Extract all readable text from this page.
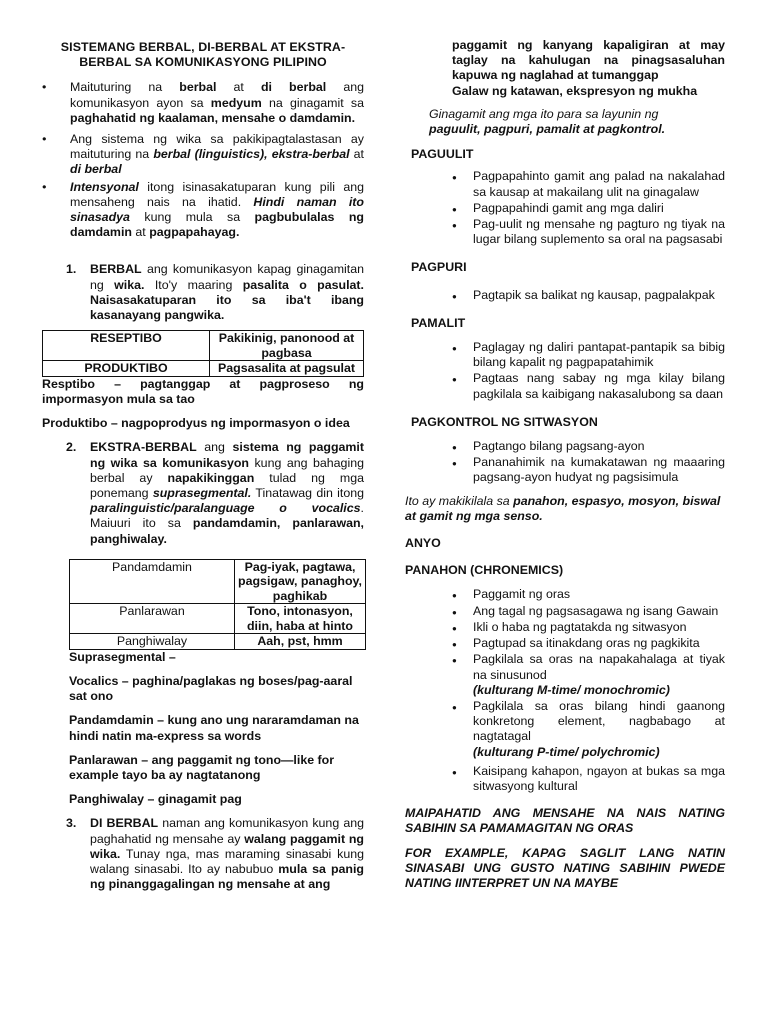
SISTEMANG BERBAL, DI-BERBAL AT EKSTRA-
BERBAL SA KOMUNIKASYONG PILIPINO

Maituturing na berbal at di berbal ang komunikasyon ayon sa medyum na ginagamit sa paghahatid ng kaalaman, mensahe o damdamin.

Ang sistema ng wika sa pakikipagtalastasan ay maituturing na berbal (linguistics), ekstra-berbal at di berbal

Intensyonal itong isinasakatuparan kung pili ang mensaheng nais na ihatid. Hindi naman ito sinasadya kung mula sa pagbubulalas ng damdamin at pagpapahayag.

1. BERBAL ang komunikasyon kapag ginagamitan ng wika. Ito'y maaring pasalita o pasulat. Naisasakatuparan ito sa iba't ibang kasanayang pangwika.

RESEPTIBO	Pakikinig, panonood at pagbasa
PRODUKTIBO	Pagsasalita at pagsulat

Resptibo – pagtanggap at pagproseso ng impormasyon mula sa tao

Produktibo – nagpoprodyus ng impormasyon o idea

2. EKSTRA-BERBAL ang sistema ng paggamit ng wika sa komunikasyon kung ang bahaging berbal ay napakikinggan tulad ng mga ponemang suprasegmental. Tinatawag din itong paralinguistic/paralanguage o vocalics. Maiuuri ito sa pandamdamin, panlarawan, panghiwalay.

Pandamdamin	Pag-iyak, pagtawa, pagsigaw, panaghoy, paghikab
Panlarawan	Tono, intonasyon, diin, haba at hinto
Panghiwalay	Aah, pst, hmm

Suprasegmental –

Vocalics – paghina/paglakas ng boses/pag-aaral sat ono

Pandamdamin – kung ano ung nararamdaman na hindi natin ma-express sa words

Panlarawan – ang paggamit ng tono—like for example tayo ba ay nagtatanong

Panghiwalay – ginagamit pag

3. DI BERBAL naman ang komunikasyon kung ang paghahatid ng mensahe ay walang paggamit ng wika. Tunay nga, mas maraming sinasabi kung walang sinasabi. Ito ay nabubuo mula sa panig ng pinanggagalingan ng mensahe at ang

paggamit ng kanyang kapaligiran at may taglay na kahulugan na pinagsasaluhan kapuwa ng naglahad at tumanggap

Galaw ng katawan, ekspresyon ng mukha

Ginagamit ang mga ito para sa layunin ng
paguulit, pagpuri, pamalit at pagkontrol.

PAGUULIT

●
Pagpapahinto gamit ang palad na nakalahad sa kausap at makailang ulit na ginagalaw

●
Pagpapahindi gamit ang mga daliri

●
Pag-uulit ng mensahe ng pagturo ng tiyak na lugar bilang suplemento sa oral na pagsasabi

PAGPURI

●
Pagtapik sa balikat ng kausap, pagpalakpak

PAMALIT

●
Paglagay ng daliri pantapat-pantapik sa bibig bilang kapalit ng pagpapatahimik

●
Pagtaas nang sabay ng mga kilay bilang pagkilala sa kaibigang nakasalubong sa daan

PAGKONTROL NG SITWASYON

●
Pagtango bilang pagsang-ayon

●
Pananahimik na kumakatawan ng maaaring pagsang-ayon hudyat ng pagsisimula

Ito ay makikilala sa panahon, espasyo, mosyon, biswal at gamit ng mga senso.

ANYO

PANAHON (CHRONEMICS)

●
Paggamit ng oras

●
Ang tagal ng pagsasagawa ng isang Gawain

●
Ikli o haba ng pagtatakda ng sitwasyon

●
Pagtupad sa itinakdang oras ng pagkikita

●
Pagkilala sa oras na napakahalaga at tiyak na sinusunod

(kulturang M-time/ monochromic)

●
Pagkilala sa oras bilang hindi gaanong konkretong element, nagbabago at nagtatagal

(kulturang P-time/ polychromic)

●
Kaisipang kahapon, ngayon at bukas sa mga sitwasyong kultural

MAIPAHATID ANG MENSAHE NA NAIS NATING SABIHIN SA PAMAMAGITAN NG ORAS

FOR EXAMPLE, KAPAG SAGLIT LANG NATIN SINASABI UNG GUSTO NATING SABIHIN PWEDE NATING IINTERPRET UN NA MAYBE
